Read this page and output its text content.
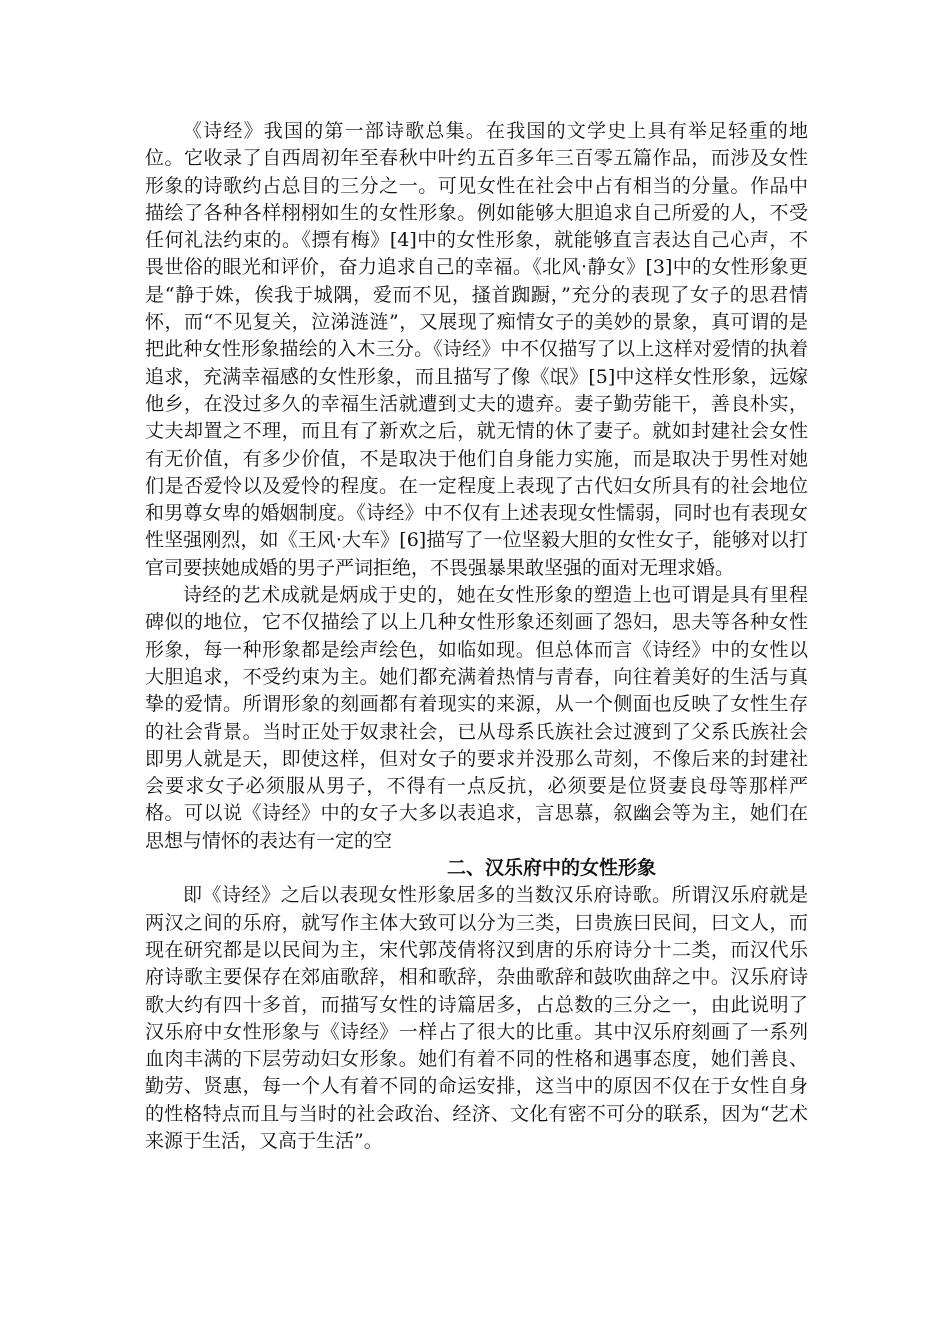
《诗经》我国的第一部诗歌总集。在我国的文学史上具有举足轻重的地位。它收录了自西周初年至春秋中叶约五百多年三百零五篇作品，而涉及女性形象的诗歌约占总目的三分之一。可见女性在社会中占有相当的分量。作品中描绘了各种各样栩栩如生的女性形象。例如能够大胆追求自己所爱的人，不受任何礼法约束的。《摽有梅》[4]中的女性形象，就能够直言表达自己心声，不畏世俗的眼光和评价，奋力追求自己的幸福。《北风·静女》[3]中的女性形象更是“静于姝，俟我于城隅，爱而不见，搔首踟蹰，”充分的表现了女子的思君情怀，而“不见复关，泣涕涟涟”，又展现了痴情女子的美妙的景象，真可谓的是把此种女性形象描绘的入木三分。《诗经》中不仅描写了以上这样对爱情的执着追求，充满幸福感的女性形象，而且描写了像《氓》[5]中这样女性形象，远嫁他乡，在没过多久的幸福生活就遭到丈夫的遗弃。妻子勤劳能干，善良朴实，丈夫却置之不理，而且有了新欢之后，就无情的休了妻子。就如封建社会女性有无价值，有多少价值，不是取决于他们自身能力实施，而是取决于男性对她们是否爱怜以及爱怜的程度。在一定程度上表现了古代妇女所具有的社会地位和男尊女卑的婚姻制度。《诗经》中不仅有上述表现女性懦弱，同时也有表现女性坚强刚烈，如《王风·大车》[6]描写了一位坚毅大胆的女性女子，能够对以打官司要挟她成婚的男子严词拒绝，不畏强暴果敢坚强的面对无理求婚。

诗经的艺术成就是炳成于史的，她在女性形象的塑造上也可谓是具有里程碑似的地位，它不仅描绘了以上几种女性形象还刻画了怨妇，思夫等各种女性形象，每一种形象都是绘声绘色，如临如现。但总体而言《诗经》中的女性以大胆追求，不受约束为主。她们都充满着热情与青春，向往着美好的生活与真挚的爱情。所谓形象的刻画都有着现实的来源，从一个侧面也反映了女性生存的社会背景。当时正处于奴隶社会，已从母系氏族社会过渡到了父系氏族社会即男人就是天，即使这样，但对女子的要求并没那么苛刻，不像后来的封建社会要求女子必须服从男子，不得有一点反抗，必须要是位贤妻良母等那样严格。可以说《诗经》中的女子大多以表追求，言思慕，叙幽会等为主，她们在思想与情怀的表达有一定的空

二、汉乐府中的女性形象

即《诗经》之后以表现女性形象居多的当数汉乐府诗歌。所谓汉乐府就是两汉之间的乐府，就写作主体大致可以分为三类，曰贵族曰民间，曰文人，而现在研究都是以民间为主，宋代郭茂倩将汉到唐的乐府诗分十二类，而汉代乐府诗歌主要保存在郊庙歌辞，相和歌辞，杂曲歌辞和鼓吹曲辞之中。汉乐府诗歌大约有四十多首，而描写女性的诗篇居多，占总数的三分之一，由此说明了汉乐府中女性形象与《诗经》一样占了很大的比重。其中汉乐府刻画了一系列血肉丰满的下层劳动妇女形象。她们有着不同的性格和遇事态度，她们善良、勤劳、贤惠，每一个人有着不同的命运安排，这当中的原因不仅在于女性自身的性格特点而且与当时的社会政治、经济、文化有密不可分的联系，因为“艺术来源于生活，又高于生活”。
